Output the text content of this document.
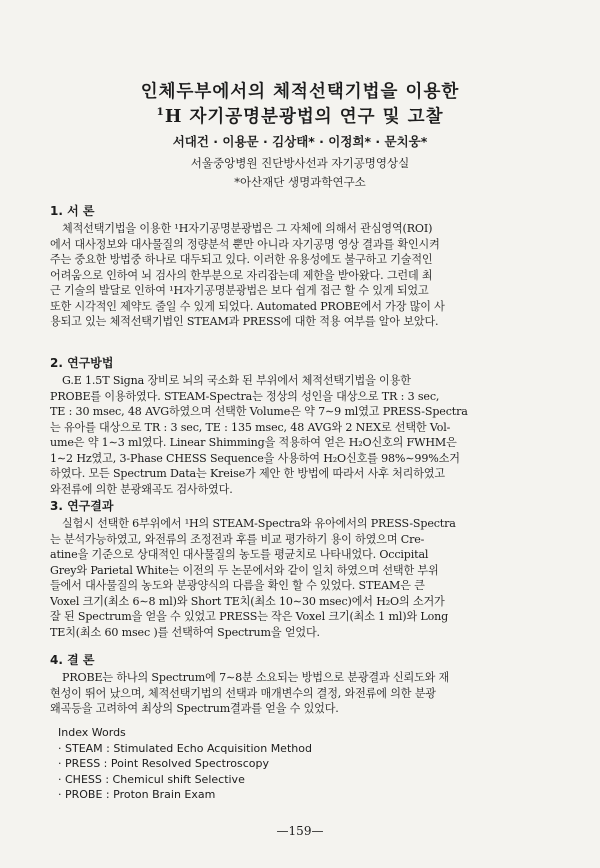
인체두부에서의 체적선택기법을 이용한
$^1$H 자기공명분광법의 연구 및 고찰
서대건 · 이용문 · 김상태* · 이정희* · 문치웅*
서울중앙병원 진단방사선과 자기공명영상실
*아산재단 생명과학연구소
1. 서 론
체적선택기법을 이용한 ¹H자기공명분광법은 그 자체에 의해서 관심영역(ROI)
에서 대사정보와 대사물질의 정량분석 뿐만 아니라 자기공명 영상 결과를 확인시켜
주는 중요한 방법중 하나로 대두되고 있다. 이러한 유용성에도 불구하고 기술적인
어려움으로 인하여 뇌 검사의 한부분으로 자리잡는데 제한을 받아왔다. 그런데 최
근 기술의 발달로 인하여 ¹H자기공명분광법은 보다 쉽게 접근 할 수 있게 되었고
또한 시각적인 제약도 줄일 수 있게 되었다. Automated PROBE에서 가장 많이 사
용되고 있는 체적선택기법인 STEAM과 PRESS에 대한 적용 여부를 알아 보았다.
2. 연구방법
G.E 1.5T Signa 장비로 뇌의 국소화 된 부위에서 체적선택기법을 이용한
PROBE를 이용하였다. STEAM-Spectra는 정상의 성인을 대상으로 TR : 3 sec,
TE : 30 msec, 48 AVG하였으며 선택한 Volume은 약 7∼9 ml였고 PRESS-Spectra
는 유아를 대상으로 TR : 3 sec, TE : 135 msec, 48 AVG와 2 NEX로 선택한 Vol-
ume은 약 1∼3 ml였다. Linear Shimming을 적용하여 얻은 H₂O신호의 FWHM은
1∼2 Hz였고, 3-Phase CHESS Sequence을 사용하여 H₂O신호를 98%∼99%소거
하였다. 모든 Spectrum Data는 Kreise가 제안 한 방법에 따라서 사후 처리하였고
와전류에 의한 분광왜곡도 검사하였다.
3. 연구결과
실험시 선택한 6부위에서 ¹H의 STEAM-Spectra와 유아에서의 PRESS-Spectra
는 분석가능하였고, 와전류의 조정전과 후를 비교 평가하기 용이 하였으며 Cre-
atine을 기준으로 상대적인 대사물질의 농도를 평균치로 나타내었다. Occipital
Grey와 Parietal White는 이전의 두 논문에서와 같이 일치 하였으며 선택한 부위
들에서 대사물질의 농도와 분광양식의 다름을 확인 할 수 있었다. STEAM은 큰
Voxel 크기(최소 6∼8 ml)와 Short TE치(최소 10∼30 msec)에서 H₂O의 소거가
잘 된 Spectrum을 얻을 수 있었고 PRESS는 작은 Voxel 크기(최소 1 ml)와 Long
TE치(최소 60 msec )를 선택하여 Spectrum을 얻었다.
4. 결 론
PROBE는 하나의 Spectrum에 7∼8분 소요되는 방법으로 분광결과 신뢰도와 재
현성이 뛰어 났으며, 체적선택기법의 선택과 매개변수의 결정, 와전류에 의한 분광
왜곡등을 고려하여 최상의 Spectrum결과를 얻을 수 있었다.
Index Words
· STEAM : Stimulated Echo Acquisition Method
· PRESS : Point Resolved Spectroscopy
· CHESS : Chemicul shift Selective
· PROBE : Proton Brain Exam
—159—
